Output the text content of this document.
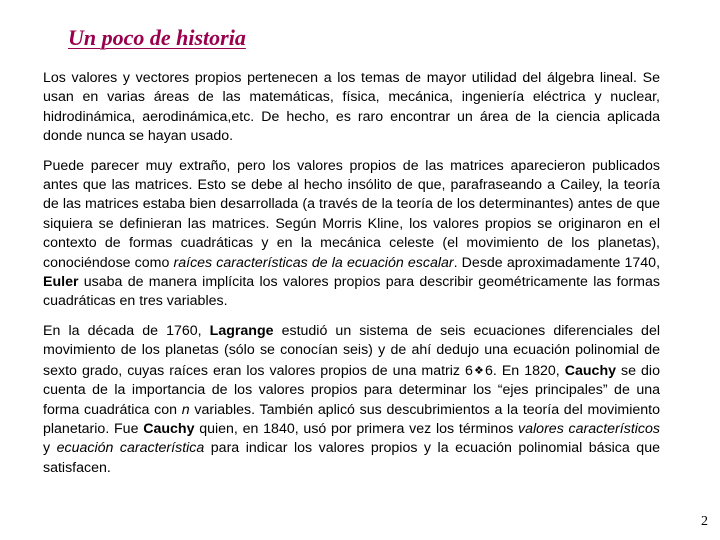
Un poco de historia

Los valores y vectores propios pertenecen a los temas de mayor utilidad del álgebra lineal. Se usan en varias áreas de las matemáticas, física, mecánica, ingeniería eléctrica y nuclear, hidrodinámica, aerodinámica,etc. De hecho, es raro encontrar un área de la ciencia aplicada donde nunca se hayan usado.

Puede parecer muy extraño, pero los valores propios de las matrices aparecieron publicados antes que las matrices. Esto se debe al hecho insólito de que, parafraseando a Cailey, la teoría de las matrices estaba bien desarrollada (a través de la teoría de los determinantes) antes de que siquiera se definieran las matrices. Según Morris Kline, los valores propios se originaron en el contexto de formas cuadráticas y en la mecánica celeste (el movimiento de los planetas), conociéndose como raíces características de la ecuación escalar. Desde aproximadamente 1740, Euler usaba de manera implícita los valores propios para describir geométricamente las formas cuadráticas en tres variables.

En la década de 1760, Lagrange estudió un sistema de seis ecuaciones diferenciales del movimiento de los planetas (sólo se conocían seis) y de ahí dedujo una ecuación polinomial de sexto grado, cuyas raíces eran los valores propios de una matriz 6❖6. En 1820, Cauchy se dio cuenta de la importancia de los valores propios para determinar los “ejes principales” de una forma cuadrática con n variables. También aplicó sus descubrimientos a la teoría del movimiento planetario. Fue Cauchy quien, en 1840, usó por primera vez los términos valores característicos y ecuación característica para indicar los valores propios y la ecuación polinomial básica que satisfacen.

2
